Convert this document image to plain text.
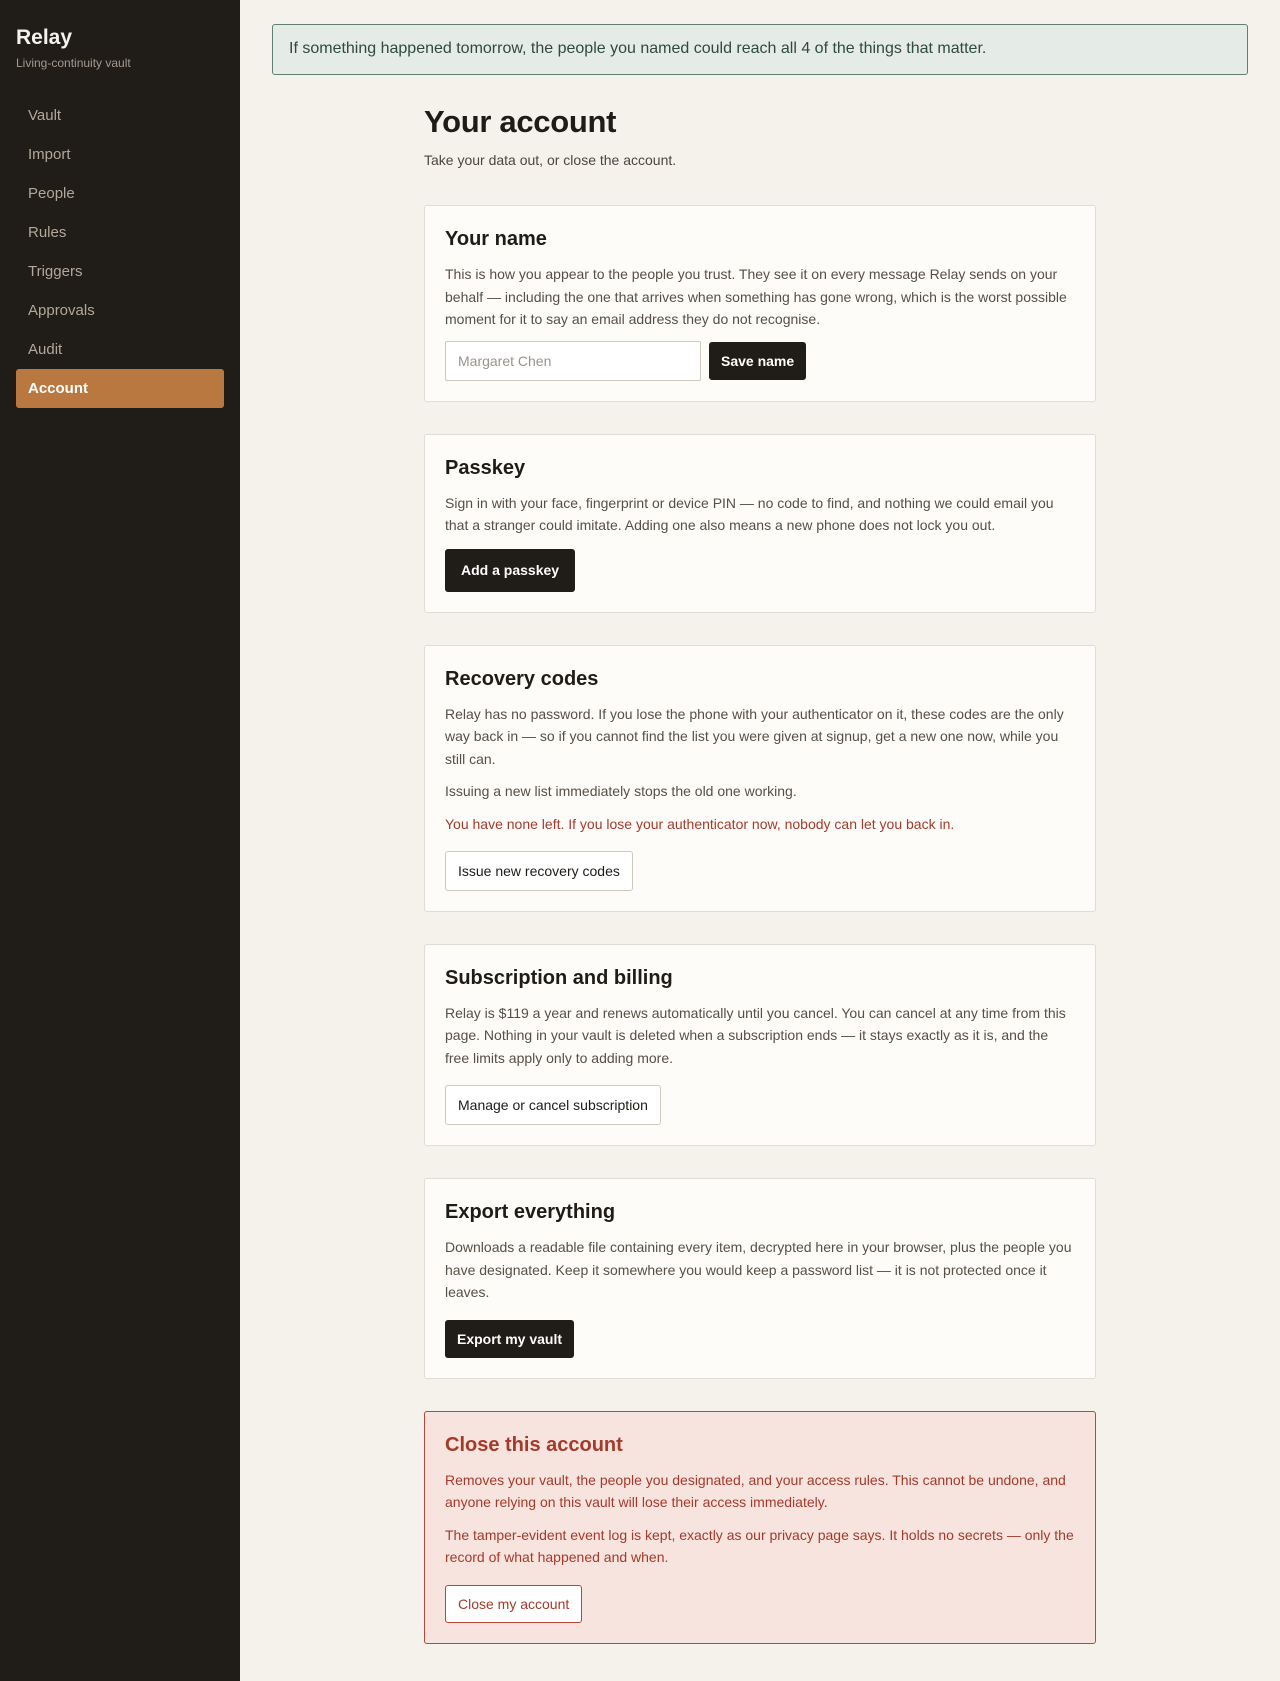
Relay
Living-continuity vault
Vault
Import
People
Rules
Triggers
Approvals
Audit
Account
If something happened tomorrow, the people you named could reach all 4 of the things that matter.
Your account

Take your data out, or close the account.

Your name

This is how you appear to the people you trust. They see it on every message Relay sends on your behalf — including the one that arrives when something has gone wrong, which is the worst possible moment for it to say an email address they do not recognise.

Margaret Chen
Save name
Passkey

Sign in with your face, fingerprint or device PIN — no code to find, and nothing we could email you that a stranger could imitate. Adding one also means a new phone does not lock you out.

Add a passkey
Recovery codes

Relay has no password. If you lose the phone with your authenticator on it, these codes are the only way back in — so if you cannot find the list you were given at signup, get a new one now, while you still can.

Issuing a new list immediately stops the old one working.

You have none left. If you lose your authenticator now, nobody can let you back in.

Issue new recovery codes
Subscription and billing

Relay is $119 a year and renews automatically until you cancel. You can cancel at any time from this page. Nothing in your vault is deleted when a subscription ends — it stays exactly as it is, and the free limits apply only to adding more.

Manage or cancel subscription
Export everything

Downloads a readable file containing every item, decrypted here in your browser, plus the people you have designated. Keep it somewhere you would keep a password list — it is not protected once it leaves.

Export my vault
Close this account

Removes your vault, the people you designated, and your access rules. This cannot be undone, and anyone relying on this vault will lose their access immediately.

The tamper-evident event log is kept, exactly as our privacy page says. It holds no secrets — only the record of what happened and when.

Close my account
